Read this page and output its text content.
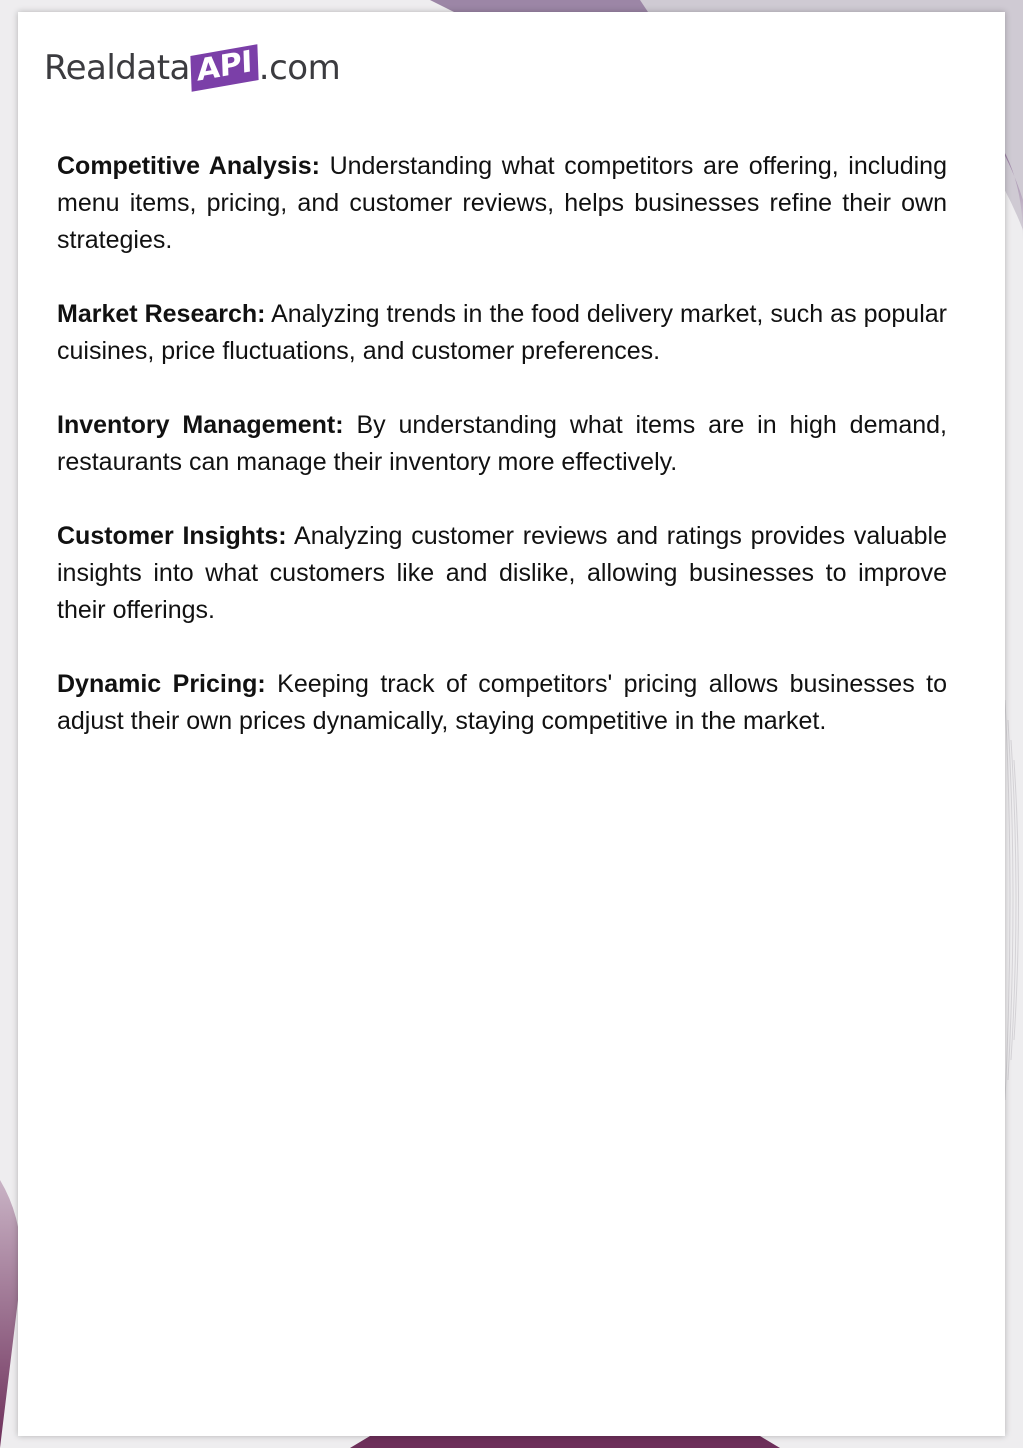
Realdata API .com

Competitive Analysis: Understanding what competitors are offering, including menu items, pricing, and customer reviews, helps businesses refine their own strategies.

Market Research: Analyzing trends in the food delivery market, such as popular cuisines, price fluctuations, and customer preferences.

Inventory Management: By understanding what items are in high demand, restaurants can manage their inventory more effectively.

Customer Insights: Analyzing customer reviews and ratings provides valuable insights into what customers like and dislike, allowing businesses to improve their offerings.

Dynamic Pricing: Keeping track of competitors' pricing allows businesses to adjust their own prices dynamically, staying competitive in the market.
